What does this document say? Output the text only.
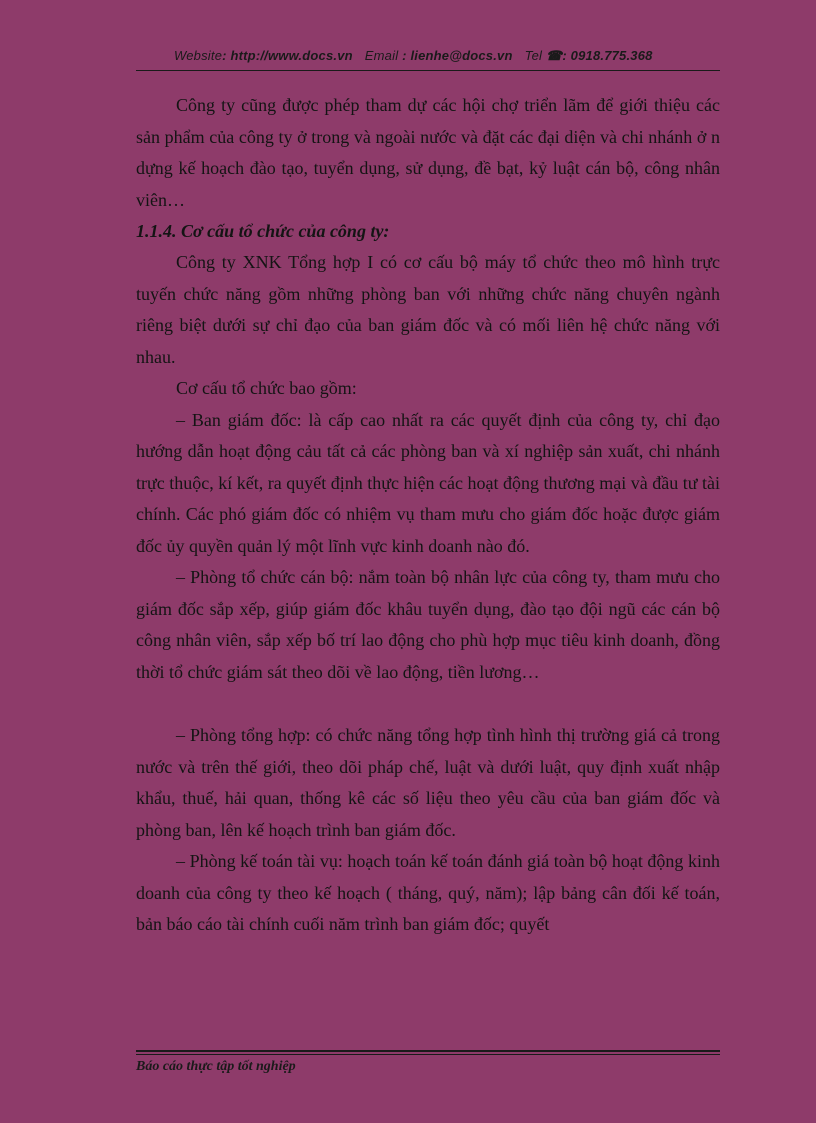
Website: http://www.docs.vn Email : lienhe@docs.vn Tel ☎: 0918.775.368

Công ty cũng được phép tham dự các hội chợ triển lãm để giới thiệu các sản phẩm của công ty ở trong và ngoài nước và đặt các đại diện và chi nhánh ở n dựng kế hoạch đào tạo, tuyển dụng, sử dụng, đề bạt, kỷ luật cán bộ, công nhân viên…

1.1.4. Cơ cấu tổ chức của công ty:

Công ty XNK Tổng hợp I có cơ cấu bộ máy tổ chức theo mô hình trực tuyến chức năng gồm những phòng ban với những chức năng chuyên ngành riêng biệt dưới sự chỉ đạo của ban giám đốc và có mối liên hệ chức năng với nhau.

Cơ cấu tổ chức bao gồm:

– Ban giám đốc: là cấp cao nhất ra các quyết định của công ty, chỉ đạo hướng dẫn hoạt động cảu tất cả các phòng ban và xí nghiệp sản xuất, chi nhánh trực thuộc, kí kết, ra quyết định thực hiện các hoạt động thương mại và đầu tư tài chính. Các phó giám đốc có nhiệm vụ tham mưu cho giám đốc hoặc được giám đốc ủy quyền quản lý một lĩnh vực kinh doanh nào đó.

– Phòng tổ chức cán bộ: nắm toàn bộ nhân lực của công ty, tham mưu cho giám đốc sắp xếp, giúp giám đốc khâu tuyển dụng, đào tạo đội ngũ các cán bộ công nhân viên, sắp xếp bố trí lao động cho phù hợp mục tiêu kinh doanh, đồng thời tổ chức giám sát theo dõi về lao động, tiền lương…

– Phòng tổng hợp: có chức năng tổng hợp tình hình thị trường giá cả trong nước và trên thế giới, theo dõi pháp chế, luật và dưới luật, quy định xuất nhập khẩu, thuế, hải quan, thống kê các số liệu theo yêu cầu của ban giám đốc và phòng ban, lên kế hoạch trình ban giám đốc.

– Phòng kế toán tài vụ: hoạch toán kế toán đánh giá toàn bộ hoạt động kinh doanh của công ty theo kế hoạch ( tháng, quý, năm); lập bảng cân đối kế toán, bản báo cáo tài chính cuối năm trình ban giám đốc; quyết

Báo cáo thực tập tốt nghiệp
